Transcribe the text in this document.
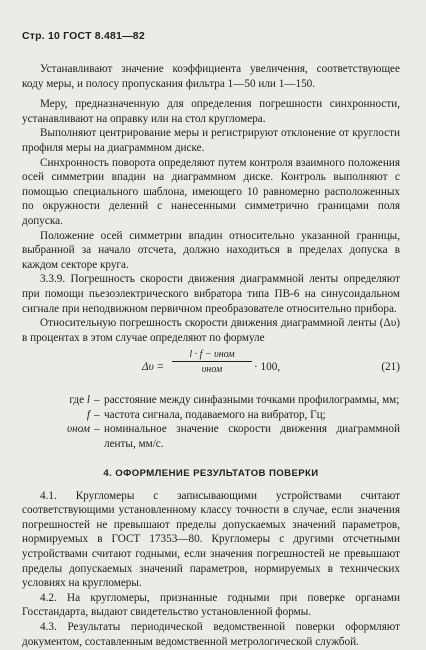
Стр. 10 ГОСТ 8.481—82

Устанавливают значение коэффициента увеличения, соответствующее коду меры, и полосу пропускания фильтра 1—50 или 1—150.

Меру, предназначенную для определения погрешности синхронности, устанавливают на оправку или на стол кругломера.

Выполняют центрирование меры и регистрируют отклонение от круглости профиля меры на диаграммном диске.

Синхронность поворота определяют путем контроля взаимного положения осей симметрии впадин на диаграммном диске. Контроль выполняют с помощью специального шаблона, имеющего 10 равномерно расположенных по окружности делений с нанесенными симметрично границами поля допуска.

Положение осей симметрии впадин относительно указанной границы, выбранной за начало отсчета, должно находиться в пределах допуска в каждом секторе круга.

3.3.9. Погрешность скорости движения диаграммной ленты определяют при помощи пьезоэлектрического вибратора типа ПВ-6 на синусоидальном сигнале при неподвижном первичном преобразователе относительно прибора.

Относительную погрешность скорости движения диаграммной ленты (Δυ) в процентах в этом случае определяют по формуле

Δυ =
l · f − υном
υном	· 100,	(21)
где l – расстояние между синфазными точками профилограммы, мм;
f – частота сигнала, подаваемого на вибратор, Гц;
υном – номинальное значение скорости движения диаграммной ленты, мм/с.
4. ОФОРМЛЕНИЕ РЕЗУЛЬТАТОВ ПОВЕРКИ

4.1. Кругломеры с записывающими устройствами считают соответствующими установленному классу точности в случае, если значения погрешностей не превышают пределы допускаемых значений параметров, нормируемых в ГОСТ 17353—80. Кругломеры с другими отсчетными устройствами считают годными, если значения погрешностей не превышают пределы допускаемых значений параметров, нормируемых в технических условиях на кругломеры.

4.2. На кругломеры, признанные годными при поверке органами Госстандарта, выдают свидетельство установленной формы.

4.3. Результаты периодической ведомственной поверки оформляют документом, составленным ведомственной метрологической службой.
